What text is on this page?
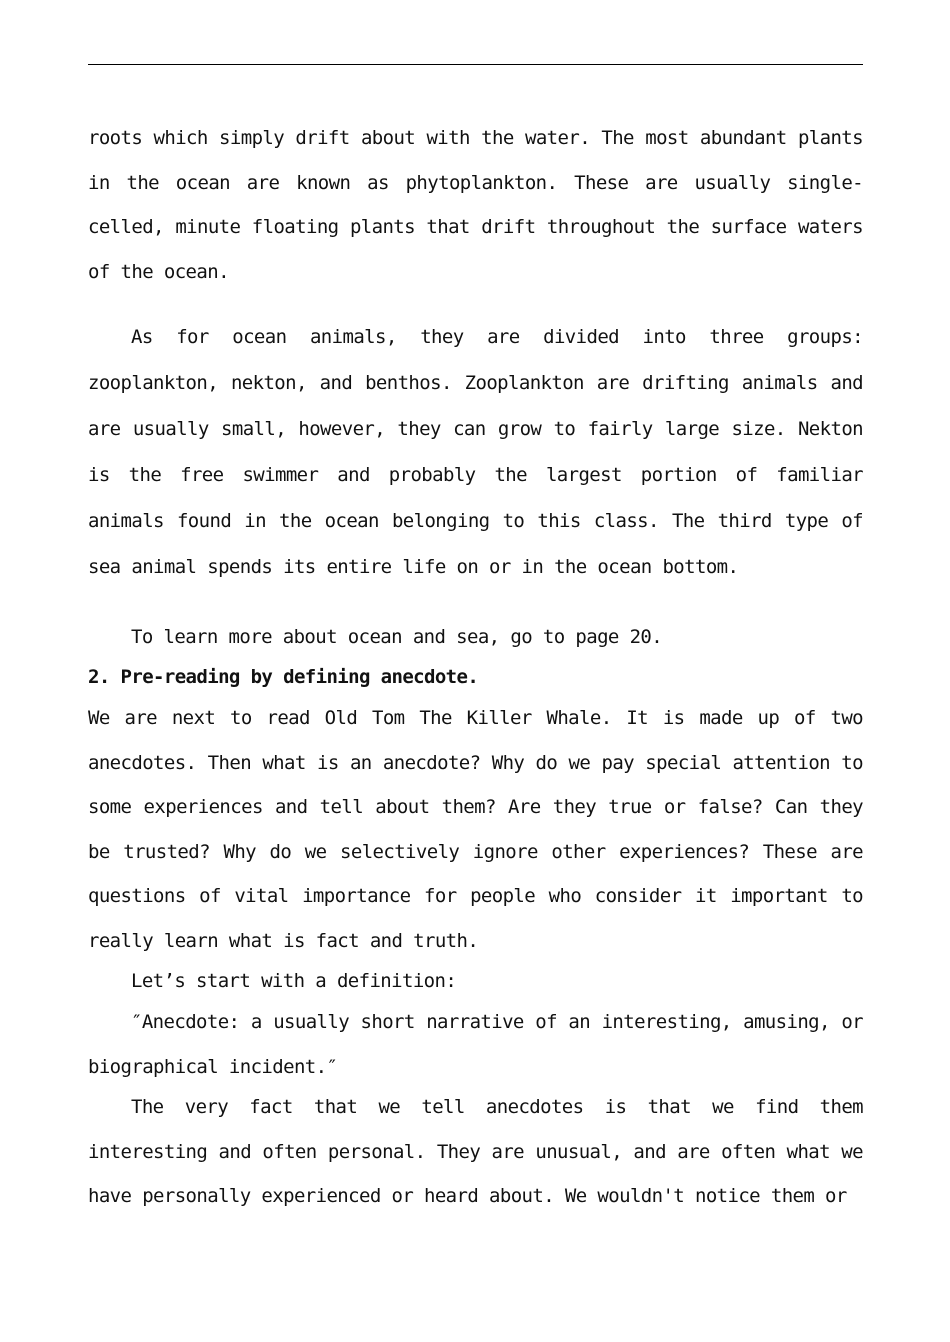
roots which simply drift about with the water. The most abundant plants in the ocean are known as phytoplankton. These are usually single-celled, minute floating plants that drift throughout the surface waters of the ocean.

As for ocean animals, they are divided into three groups: zooplankton, nekton, and benthos. Zooplankton are drifting animals and are usually small, however, they can grow to fairly large size. Nekton is the free swimmer and probably the largest portion of familiar animals found in the ocean belonging to this class. The third type of sea animal spends its entire life on or in the ocean bottom.

To learn more about ocean and sea, go to page 20.

2. Pre-reading by defining anecdote.

We are next to read Old Tom The Killer Whale. It is made up of two anecdotes. Then what is an anecdote? Why do we pay special attention to some experiences and tell about them? Are they true or false? Can they be trusted? Why do we selectively ignore other experiences? These are questions of vital importance for people who consider it important to really learn what is fact and truth.

Let’s start with a definition:

″Anecdote: a usually short narrative of an interesting, amusing, or biographical incident.″

The very fact that we tell anecdotes is that we find them interesting and often personal. They are unusual, and are often what we have personally experienced or heard about. We wouldn't notice them or
